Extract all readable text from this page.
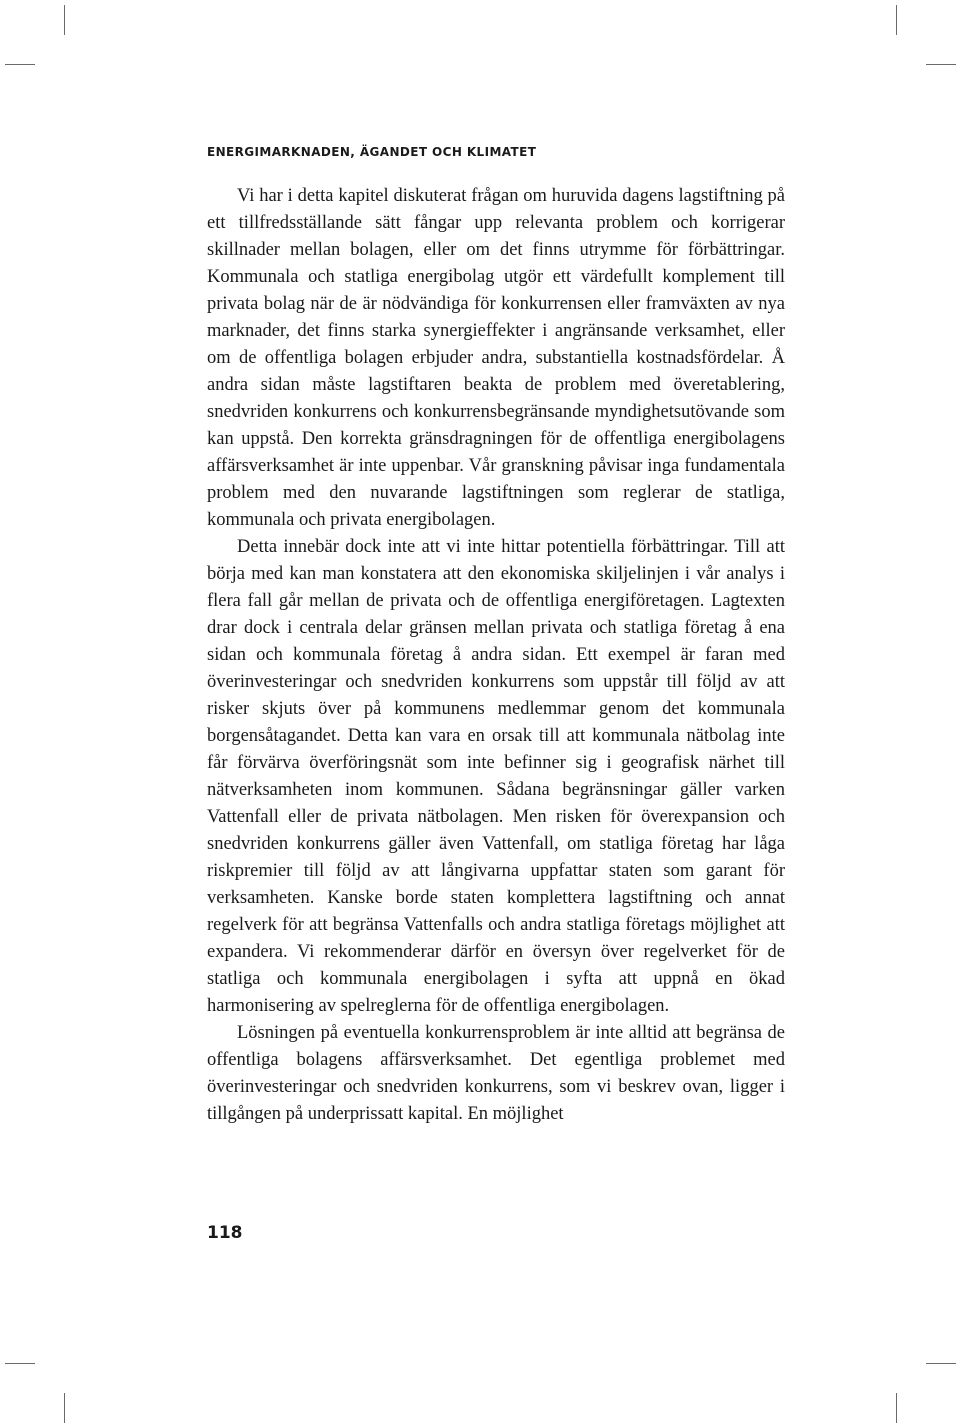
ENERGIMARKNADEN, ÄGANDET OCH KLIMATET

Vi har i detta kapitel diskuterat frågan om huruvida dagens lagstiftning på ett tillfredsställande sätt fångar upp relevanta problem och korrigerar skillnader mellan bolagen, eller om det finns utrymme för förbättringar. Kommunala och statliga energibolag utgör ett värdefullt komplement till privata bolag när de är nödvändiga för konkurrensen eller framväxten av nya marknader, det finns starka synergieffekter i angränsande verksamhet, eller om de offentliga bolagen erbjuder andra, substantiella kostnadsfördelar. Å andra sidan måste lagstiftaren beakta de problem med överetablering, snedvriden konkurrens och konkurrensbegränsande myndighetsutövande som kan uppstå. Den korrekta gränsdragningen för de offentliga energibolagens affärsverksamhet är inte uppenbar. Vår granskning påvisar inga fundamentala problem med den nuvarande lagstiftningen som reglerar de statliga, kommunala och privata energibolagen.

Detta innebär dock inte att vi inte hittar potentiella förbättringar. Till att börja med kan man konstatera att den ekonomiska skiljelinjen i vår analys i flera fall går mellan de privata och de offentliga energiföretagen. Lagtexten drar dock i centrala delar gränsen mellan privata och statliga företag å ena sidan och kommunala företag å andra sidan. Ett exempel är faran med överinvesteringar och snedvriden konkurrens som uppstår till följd av att risker skjuts över på kommunens medlemmar genom det kommunala borgensåtagandet. Detta kan vara en orsak till att kommunala nätbolag inte får förvärva överföringsnät som inte befinner sig i geografisk närhet till nätverksamheten inom kommunen. Sådana begränsningar gäller varken Vattenfall eller de privata nätbolagen. Men risken för överexpansion och snedvriden konkurrens gäller även Vattenfall, om statliga företag har låga riskpremier till följd av att långivarna uppfattar staten som garant för verksamheten. Kanske borde staten komplettera lagstiftning och annat regelverk för att begränsa Vattenfalls och andra statliga företags möjlighet att expandera. Vi rekommenderar därför en översyn över regelverket för de statliga och kommunala energibolagen i syfta att uppnå en ökad harmonisering av spelreglerna för de offentliga energibolagen.

Lösningen på eventuella konkurrensproblem är inte alltid att begränsa de offentliga bolagens affärsverksamhet. Det egentliga problemet med överinvesteringar och snedvriden konkurrens, som vi beskrev ovan, ligger i tillgången på underprissatt kapital. En möjlighet

118
